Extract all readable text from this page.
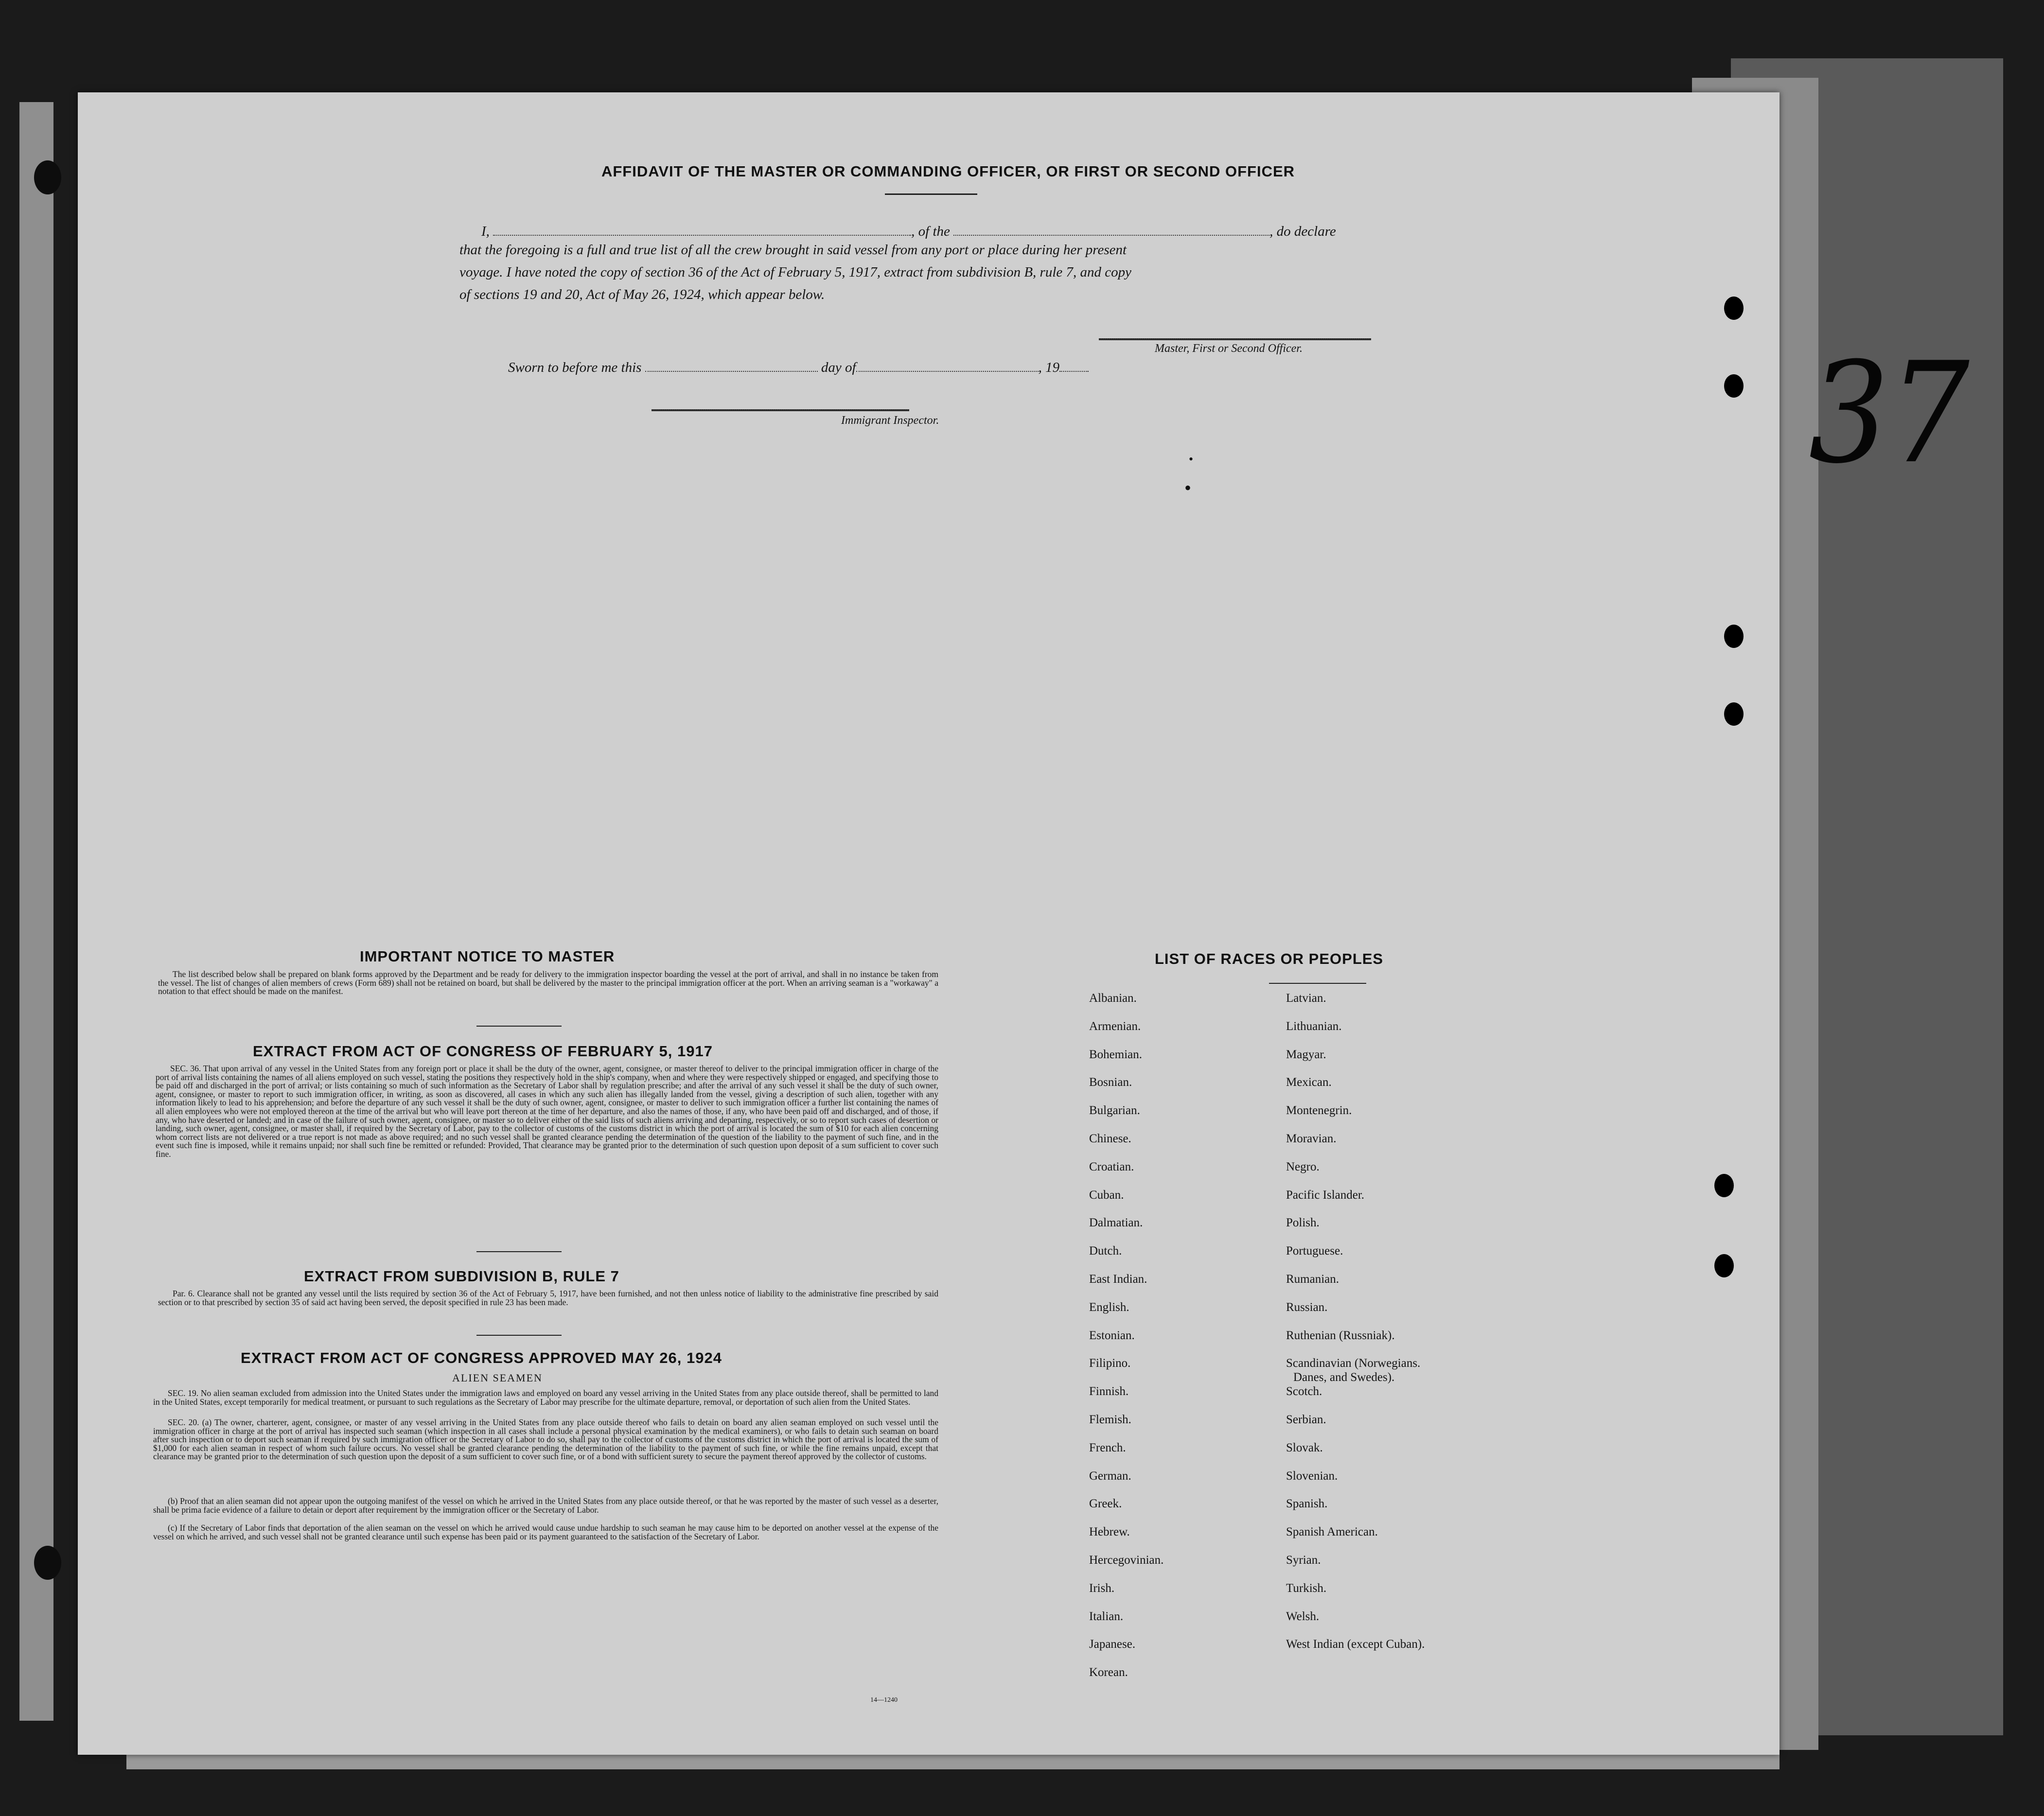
37
•
•
AFFIDAVIT OF THE MASTER OR COMMANDING OFFICER, OR FIRST OR SECOND OFFICER
I,	, of the	, do declare
that the foregoing is a full and true list of all the crew brought in said vessel from any port or place during her present
voyage. I have noted the copy of section 36 of the Act of February 5, 1917, extract from subdivision B, rule 7, and copy
of sections 19 and 20, Act of May 26, 1924, which appear below.
Master, First or Second Officer.
Sworn to before me this	day of	, 19
Immigrant Inspector.
IMPORTANT NOTICE TO MASTER
The list described below shall be prepared on blank forms approved by the Department and be ready for delivery to the immigration inspector boarding the vessel at the port of arrival, and shall in no instance be taken from the vessel. The list of changes of alien members of crews (Form 689) shall not be retained on board, but shall be delivered by the master to the principal immigration officer at the port. When an arriving seaman is a "workaway" a notation to that effect should be made on the manifest.
EXTRACT FROM ACT OF CONGRESS OF FEBRUARY 5, 1917
SEC. 36. That upon arrival of any vessel in the United States from any foreign port or place it shall be the duty of the owner, agent, consignee, or master thereof to deliver to the principal immigration officer in charge of the port of arrival lists containing the names of all aliens employed on such vessel, stating the positions they respectively hold in the ship's company, when and where they were respectively shipped or engaged, and specifying those to be paid off and discharged in the port of arrival; or lists containing so much of such information as the Secretary of Labor shall by regulation prescribe; and after the arrival of any such vessel it shall be the duty of such owner, agent, consignee, or master to report to such immigration officer, in writing, as soon as discovered, all cases in which any such alien has illegally landed from the vessel, giving a description of such alien, together with any information likely to lead to his apprehension; and before the departure of any such vessel it shall be the duty of such owner, agent, consignee, or master to deliver to such immigration officer a further list containing the names of all alien employees who were not employed thereon at the time of the arrival but who will leave port thereon at the time of her departure, and also the names of those, if any, who have been paid off and discharged, and of those, if any, who have deserted or landed; and in case of the failure of such owner, agent, consignee, or master so to deliver either of the said lists of such aliens arriving and departing, respectively, or so to report such cases of desertion or landing, such owner, agent, consignee, or master shall, if required by the Secretary of Labor, pay to the collector of customs of the customs district in which the port of arrival is located the sum of $10 for each alien concerning whom correct lists are not delivered or a true report is not made as above required; and no such vessel shall be granted clearance pending the determination of the question of the liability to the payment of such fine, and in the event such fine is imposed, while it remains unpaid; nor shall such fine be remitted or refunded: Provided, That clearance may be granted prior to the determination of such question upon deposit of a sum sufficient to cover such fine.
EXTRACT FROM SUBDIVISION B, RULE 7
Par. 6. Clearance shall not be granted any vessel until the lists required by section 36 of the Act of February 5, 1917, have been furnished, and not then unless notice of liability to the administrative fine prescribed by said section or to that prescribed by section 35 of said act having been served, the deposit specified in rule 23 has been made.
EXTRACT FROM ACT OF CONGRESS APPROVED MAY 26, 1924
ALIEN SEAMEN
SEC. 19. No alien seaman excluded from admission into the United States under the immigration laws and employed on board any vessel arriving in the United States from any place outside thereof, shall be permitted to land in the United States, except temporarily for medical treatment, or pursuant to such regulations as the Secretary of Labor may prescribe for the ultimate departure, removal, or deportation of such alien from the United States.
SEC. 20. (a) The owner, charterer, agent, consignee, or master of any vessel arriving in the United States from any place outside thereof who fails to detain on board any alien seaman employed on such vessel until the immigration officer in charge at the port of arrival has inspected such seaman (which inspection in all cases shall include a personal physical examination by the medical examiners), or who fails to detain such seaman on board after such inspection or to deport such seaman if required by such immigration officer or the Secretary of Labor to do so, shall pay to the collector of customs of the customs district in which the port of arrival is located the sum of $1,000 for each alien seaman in respect of whom such failure occurs. No vessel shall be granted clearance pending the determination of the liability to the payment of such fine, or while the fine remains unpaid, except that clearance may be granted prior to the determination of such question upon the deposit of a sum sufficient to cover such fine, or of a bond with sufficient surety to secure the payment thereof approved by the collector of customs.
(b) Proof that an alien seaman did not appear upon the outgoing manifest of the vessel on which he arrived in the United States from any place outside thereof, or that he was reported by the master of such vessel as a deserter, shall be prima facie evidence of a failure to detain or deport after requirement by the immigration officer or the Secretary of Labor.
(c) If the Secretary of Labor finds that deportation of the alien seaman on the vessel on which he arrived would cause undue hardship to such seaman he may cause him to be deported on another vessel at the expense of the vessel on which he arrived, and such vessel shall not be granted clearance until such expense has been paid or its payment guaranteed to the satisfaction of the Secretary of Labor.
14—1240
LIST OF RACES OR PEOPLES
Albanian.
Armenian.
Bohemian.
Bosnian.
Bulgarian.
Chinese.
Croatian.
Cuban.
Dalmatian.
Dutch.
East Indian.
English.
Estonian.
Filipino.
Finnish.
Flemish.
French.
German.
Greek.
Hebrew.
Hercegovinian.
Irish.
Italian.
Japanese.
Korean.
Latvian.
Lithuanian.
Magyar.
Mexican.
Montenegrin.
Moravian.
Negro.
Pacific Islander.
Polish.
Portuguese.
Rumanian.
Russian.
Ruthenian (Russniak).
Scandinavian (Norwegians.
Danes, and Swedes).
Scotch.
Serbian.
Slovak.
Slovenian.
Spanish.
Spanish American.
Syrian.
Turkish.
Welsh.
West Indian (except Cuban).
